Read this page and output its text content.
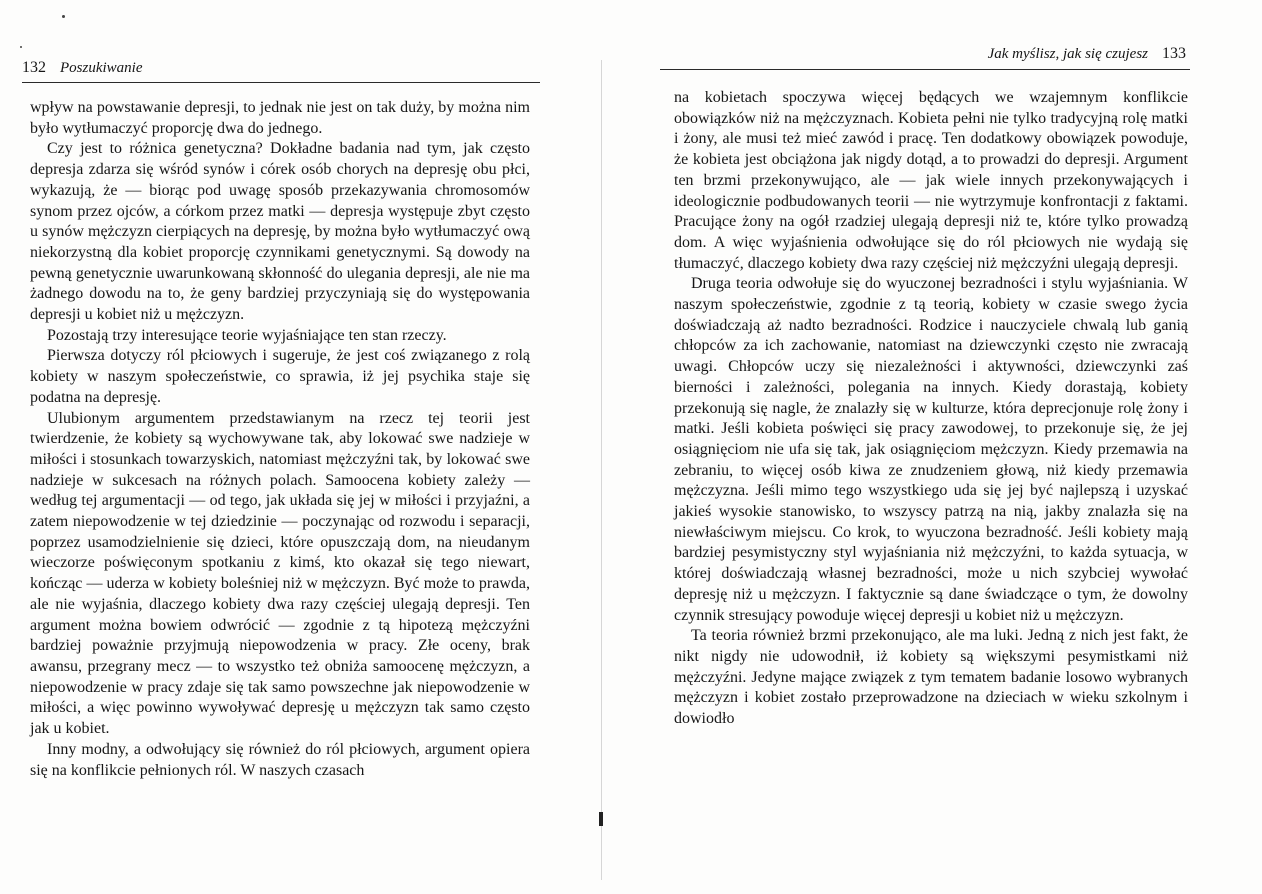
132 Poszukiwanie

wpływ na powstawanie depresji, to jednak nie jest on tak duży, by można nim było wytłumaczyć proporcję dwa do jednego.

Czy jest to różnica genetyczna? Dokładne badania nad tym, jak często depresja zdarza się wśród synów i córek osób chorych na depresję obu płci, wykazują, że — biorąc pod uwagę sposób przekazywania chromosomów synom przez ojców, a córkom przez matki — depresja występuje zbyt często u synów mężczyzn cierpiących na depresję, by można było wytłumaczyć ową niekorzystną dla kobiet proporcję czynnikami genetycznymi. Są dowody na pewną genetycznie uwarunkowaną skłonność do ulegania depresji, ale nie ma żadnego dowodu na to, że geny bardziej przyczyniają się do występowania depresji u kobiet niż u mężczyzn.

Pozostają trzy interesujące teorie wyjaśniające ten stan rzeczy.

Pierwsza dotyczy ról płciowych i sugeruje, że jest coś związanego z rolą kobiety w naszym społeczeństwie, co sprawia, iż jej psychika staje się podatna na depresję.

Ulubionym argumentem przedstawianym na rzecz tej teorii jest twierdzenie, że kobiety są wychowywane tak, aby lokować swe nadzieje w miłości i stosunkach towarzyskich, natomiast mężczyźni tak, by lokować swe nadzieje w sukcesach na różnych polach. Samoocena kobiety zależy — według tej argumentacji — od tego, jak układa się jej w miłości i przyjaźni, a zatem niepowodzenie w tej dziedzinie — poczynając od rozwodu i separacji, poprzez usamodzielnienie się dzieci, które opuszczają dom, na nieudanym wieczorze poświęconym spotkaniu z kimś, kto okazał się tego niewart, kończąc — uderza w kobiety boleśniej niż w mężczyzn. Być może to prawda, ale nie wyjaśnia, dlaczego kobiety dwa razy częściej ulegają depresji. Ten argument można bowiem odwrócić — zgodnie z tą hipotezą mężczyźni bardziej poważnie przyjmują niepowodzenia w pracy. Złe oceny, brak awansu, przegrany mecz — to wszystko też obniża samoocenę mężczyzn, a niepowodzenie w pracy zdaje się tak samo powszechne jak niepowodzenie w miłości, a więc powinno wywoływać depresję u mężczyzn tak samo często jak u kobiet.

Inny modny, a odwołujący się również do ról płciowych, argument opiera się na konflikcie pełnionych ról. W naszych czasach

Jak myślisz, jak się czujesz 133

na kobietach spoczywa więcej będących we wzajemnym konflikcie obowiązków niż na mężczyznach. Kobieta pełni nie tylko tradycyjną rolę matki i żony, ale musi też mieć zawód i pracę. Ten dodatkowy obowiązek powoduje, że kobieta jest obciążona jak nigdy dotąd, a to prowadzi do depresji. Argument ten brzmi przekonywująco, ale — jak wiele innych przekonywających i ideologicznie podbudowanych teorii — nie wytrzymuje konfrontacji z faktami. Pracujące żony na ogół rzadziej ulegają depresji niż te, które tylko prowadzą dom. A więc wyjaśnienia odwołujące się do ról płciowych nie wydają się tłumaczyć, dlaczego kobiety dwa razy częściej niż mężczyźni ulegają depresji.

Druga teoria odwołuje się do wyuczonej bezradności i stylu wyjaśniania. W naszym społeczeństwie, zgodnie z tą teorią, kobiety w czasie swego życia doświadczają aż nadto bezradności. Rodzice i nauczyciele chwalą lub ganią chłopców za ich zachowanie, natomiast na dziewczynki często nie zwracają uwagi. Chłopców uczy się niezależności i aktywności, dziewczynki zaś bierności i zależności, polegania na innych. Kiedy dorastają, kobiety przekonują się nagle, że znalazły się w kulturze, która deprecjonuje rolę żony i matki. Jeśli kobieta poświęci się pracy zawodowej, to przekonuje się, że jej osiągnięciom nie ufa się tak, jak osiągnięciom mężczyzn. Kiedy przemawia na zebraniu, to więcej osób kiwa ze znudzeniem głową, niż kiedy przemawia mężczyzna. Jeśli mimo tego wszystkiego uda się jej być najlepszą i uzyskać jakieś wysokie stanowisko, to wszyscy patrzą na nią, jakby znalazła się na niewłaściwym miejscu. Co krok, to wyuczona bezradność. Jeśli kobiety mają bardziej pesymistyczny styl wyjaśniania niż mężczyźni, to każda sytuacja, w której doświadczają własnej bezradności, może u nich szybciej wywołać depresję niż u mężczyzn. I faktycznie są dane świadczące o tym, że dowolny czynnik stresujący powoduje więcej depresji u kobiet niż u mężczyzn.

Ta teoria również brzmi przekonująco, ale ma luki. Jedną z nich jest fakt, że nikt nigdy nie udowodnił, iż kobiety są większymi pesymistkami niż mężczyźni. Jedyne mające związek z tym tematem badanie losowo wybranych mężczyzn i kobiet zostało przeprowadzone na dzieciach w wieku szkolnym i dowiodło
